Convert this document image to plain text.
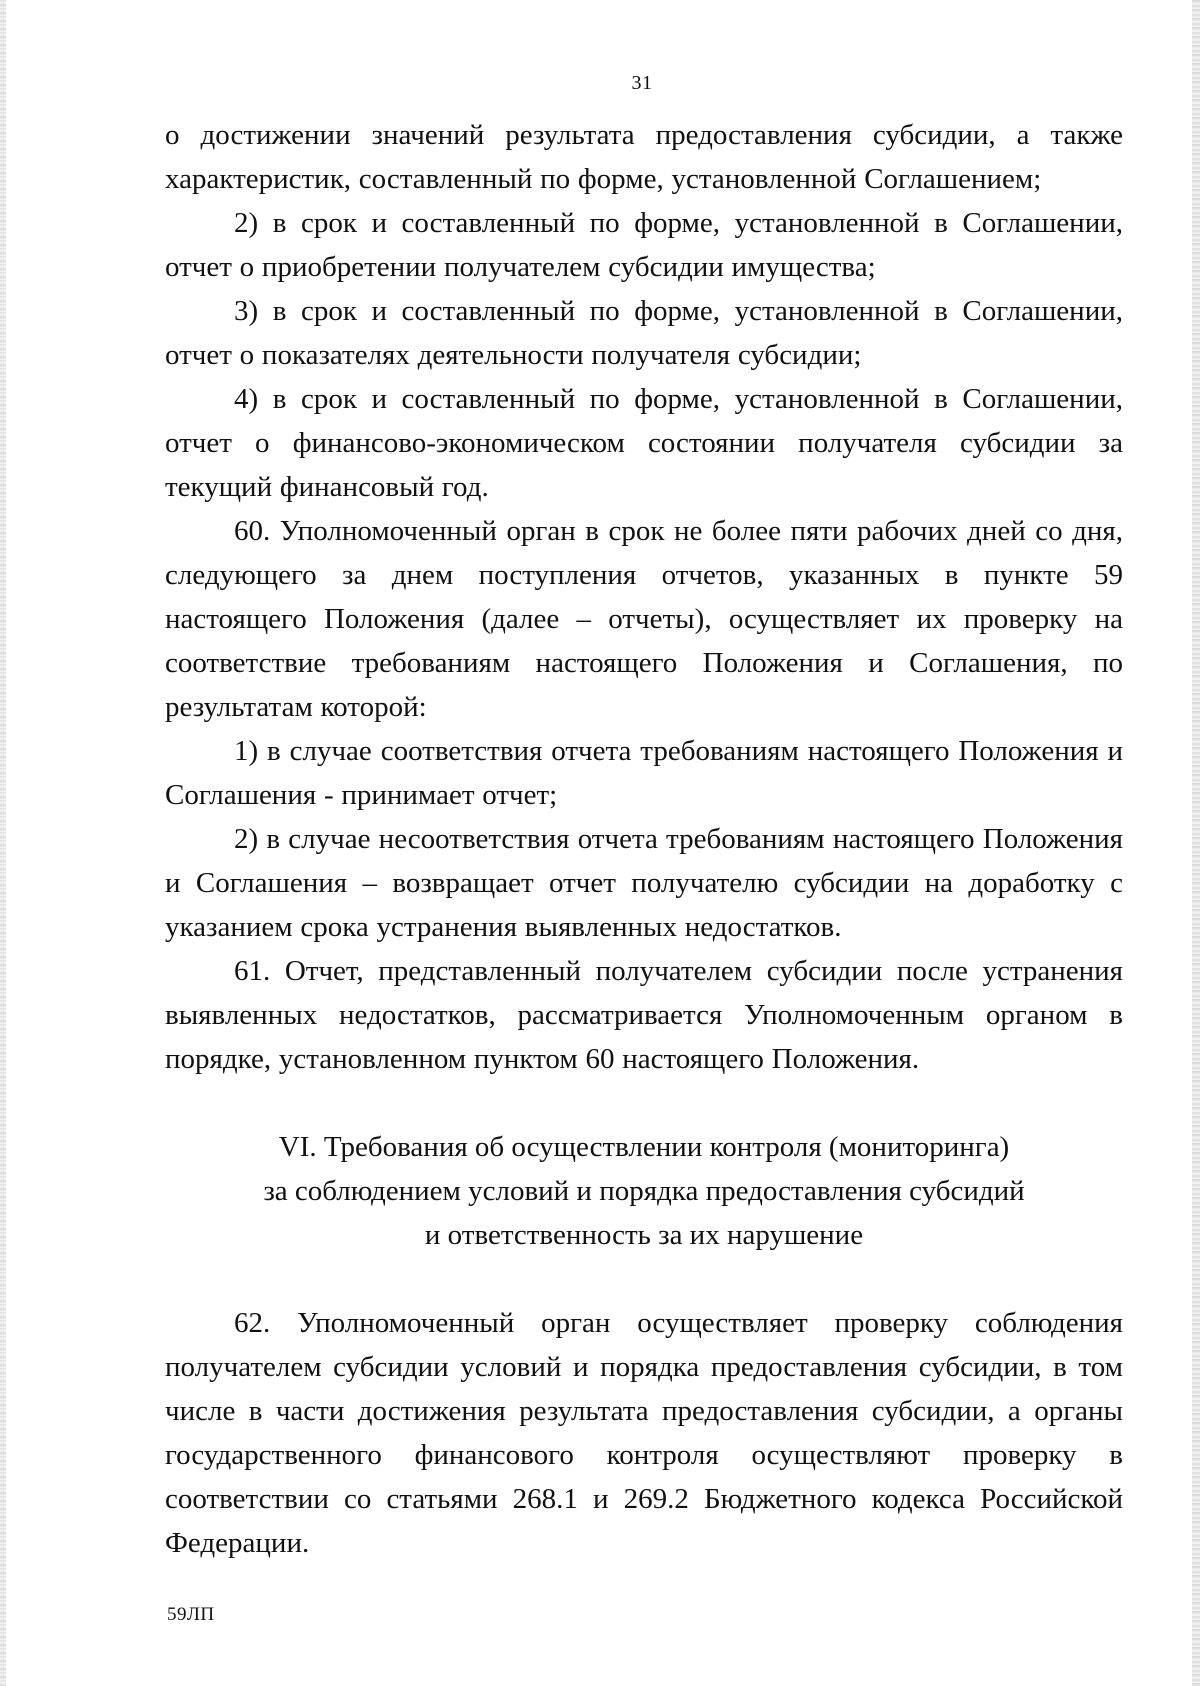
31

о достижении значений результата предоставления субсидии, а также характеристик, составленный по форме, установленной Соглашением;

2) в срок и составленный по форме, установленной в Соглашении, отчет о приобретении получателем субсидии имущества;

3) в срок и составленный по форме, установленной в Соглашении, отчет о показателях деятельности получателя субсидии;

4) в срок и составленный по форме, установленной в Соглашении, отчет о финансово-экономическом состоянии получателя субсидии за текущий финансовый год.

60. Уполномоченный орган в срок не более пяти рабочих дней со дня, следующего за днем поступления отчетов, указанных в пункте 59 настоящего Положения (далее – отчеты), осуществляет их проверку на соответствие требованиям настоящего Положения и Соглашения, по результатам которой:

1) в случае соответствия отчета требованиям настоящего Положения и Соглашения - принимает отчет;

2) в случае несоответствия отчета требованиям настоящего Положения и Соглашения – возвращает отчет получателю субсидии на доработку с указанием срока устранения выявленных недостатков.

61. Отчет, представленный получателем субсидии после устранения выявленных недостатков, рассматривается Уполномоченным органом в порядке, установленном пунктом 60 настоящего Положения.

VI. Требования об осуществлении контроля (мониторинга)
за соблюдением условий и порядка предоставления субсидий
и ответственность за их нарушение

62. Уполномоченный орган осуществляет проверку соблюдения получателем субсидии условий и порядка предоставления субсидии, в том числе в части достижения результата предоставления субсидии, а органы государственного финансового контроля осуществляют проверку в соответствии со статьями 268.1 и 269.2 Бюджетного кодекса Российской Федерации.

59ЛП
